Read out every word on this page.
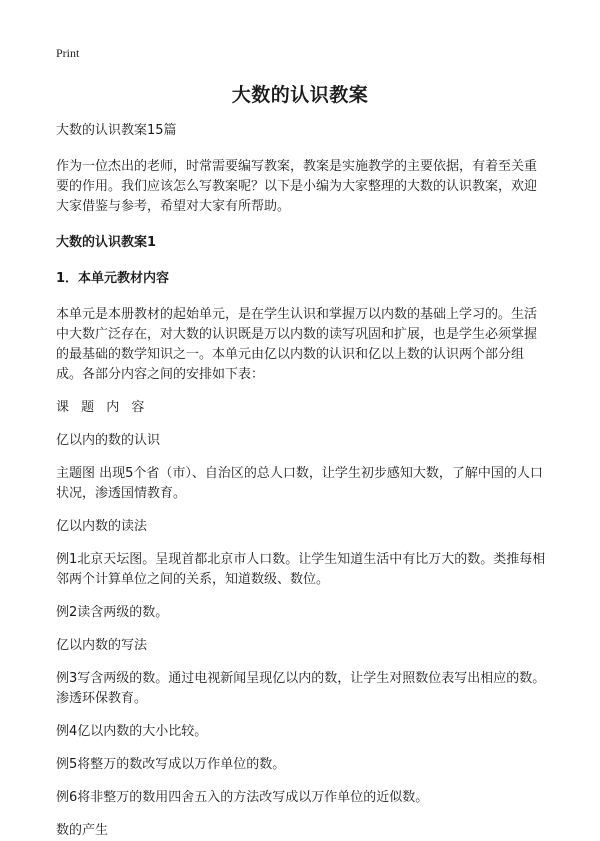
Print
大数的认识教案

大数的认识教案15篇

作为一位杰出的老师，时常需要编写教案，教案是实施教学的主要依据，有着至关重要的作用。我们应该怎么写教案呢？以下是小编为大家整理的大数的认识教案，欢迎大家借鉴与参考，希望对大家有所帮助。

大数的认识教案1

1．本单元教材内容

本单元是本册教材的起始单元，是在学生认识和掌握万以内数的基础上学习的。生活中大数广泛存在，对大数的认识既是万以内数的读写巩固和扩展，也是学生必须掌握的最基础的数学知识之一。本单元由亿以内数的认识和亿以上数的认识两个部分组成。各部分内容之间的安排如下表：

课 题 内 容

亿以内的数的认识

主题图 出现5个省（市）、自治区的总人口数，让学生初步感知大数，了解中国的人口状况，渗透国情教育。

亿以内数的读法

例1北京天坛图。呈现首都北京市人口数。让学生知道生活中有比万大的数。类推每相邻两个计算单位之间的关系，知道数级、数位。

例2读含两级的数。

亿以内数的写法

例3写含两级的数。通过电视新闻呈现亿以内的数，让学生对照数位表写出相应的数。渗透环保教育。

例4亿以内数的大小比较。

例5将整万的数改写成以万作单位的数。

例6将非整万的数用四舍五入的方法改写成以万作单位的近似数。

数的产生
